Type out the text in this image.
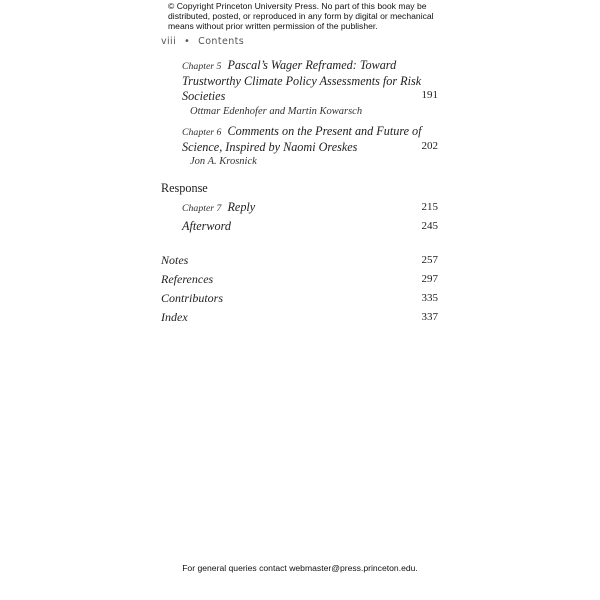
© Copyright Princeton University Press. No part of this book may be distributed, posted, or reproduced in any form by digital or mechanical means without prior written permission of the publisher.
viii • Contents
Chapter 5 Pascal’s Wager Reframed: Toward Trustworthy Climate Policy Assessments for Risk Societies	191
Ottmar Edenhofer and Martin Kowarsch
Chapter 6 Comments on the Present and Future of Science, Inspired by Naomi Oreskes	202
Jon A. Krosnick
Response
Chapter 7 Reply	215
Afterword	245
Notes	257
References	297
Contributors	335
Index	337
For general queries contact webmaster@press.princeton.edu.
